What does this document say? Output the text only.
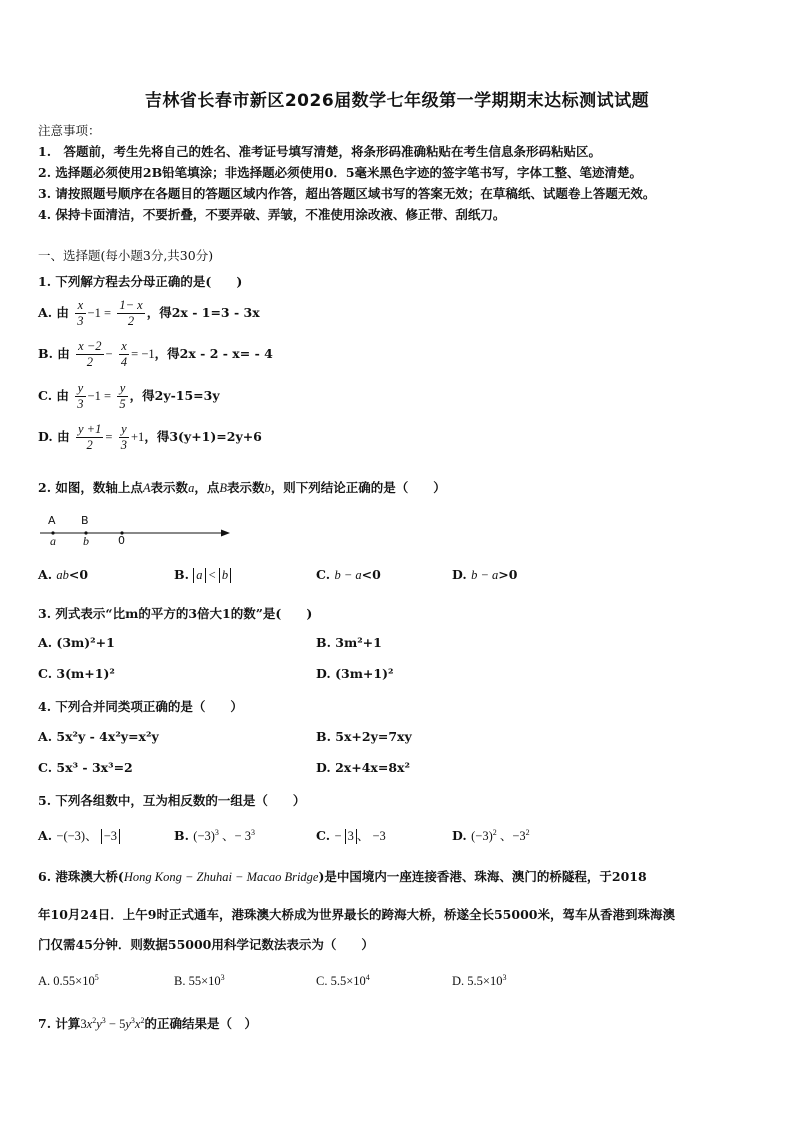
吉林省长春市新区2026届数学七年级第一学期期末达标测试试题
注意事项：
1.　答题前，考生先将自己的姓名、准考证号填写清楚，将条形码准确粘贴在考生信息条形码粘贴区。
2. 选择题必须使用2B铅笔填涂；非选择题必须使用0．5毫米黑色字迹的签字笔书写，字体工整、笔迹清楚。
3. 请按照题号顺序在各题目的答题区域内作答，超出答题区域书写的答案无效；在草稿纸、试题卷上答题无效。
4. 保持卡面清洁，不要折叠，不要弄破、弄皱，不准使用涂改液、修正带、刮纸刀。
一、选择题(每小题3分,共30分)
1. 下列解方程去分母正确的是(　　)
A. 由 $\frac{x}{3} -1 = \frac{1- x}{2}$ ，得2x - 1=3 - 3x
B. 由 $\frac{x -2}{2} - \frac{x}{4} = -1$，得2x - 2 - x= - 4
C. 由 $\frac{y}{3} -1 = \frac{y}{5}$ ，得2y-15=3y
D. 由 $\frac{y +1}{2} = \frac{y}{3} +1$，得3(y+1)=2y+6
2. 如图，数轴上点A表示数a，点B表示数b，则下列结论正确的是（　　）
A B
a b	0
A. ab<0	B. a < b	C. b − a<0	D. b − a>0
3. 列式表示“比m的平方的3倍大1的数”是(　　)
A. (3m)²+1	B. 3m²+1
C. 3(m+1)²	D. (3m+1)²
4. 下列合并同类项正确的是（　　）
A. 5x²y - 4x²y=x²y	B. 5x+2y=7xy
C. 5x³ - 3x³=2	D. 2x+4x=8x²
5. 下列各组数中，互为相反数的一组是（　　）
A. −(−3)、 −3	B. $(-3)^3$ 、− $3^3$	C. − 3 、 −3	D. $(-3)^2$ 、$-3^2$
6. 港珠澳大桥(Hong Kong − Zhuhai − Macao Bridge)是中国境内一座连接香港、珠海、澳门的桥隧程，于2018
年10月24日．上午9时正式通车，港珠澳大桥成为世界最长的跨海大桥，桥遂全长55000米，驾车从香港到珠海澳
门仅需45分钟．则数据55000用科学记数法表示为（　　）
A. $0.55\times 10^5$	B. $55\times 10^3$	C. $5.5\times 10^4$	D. $5.5\times 10^3$
7. 计算$3x^2y^3 - 5y^3x^2$的正确结果是（　）
